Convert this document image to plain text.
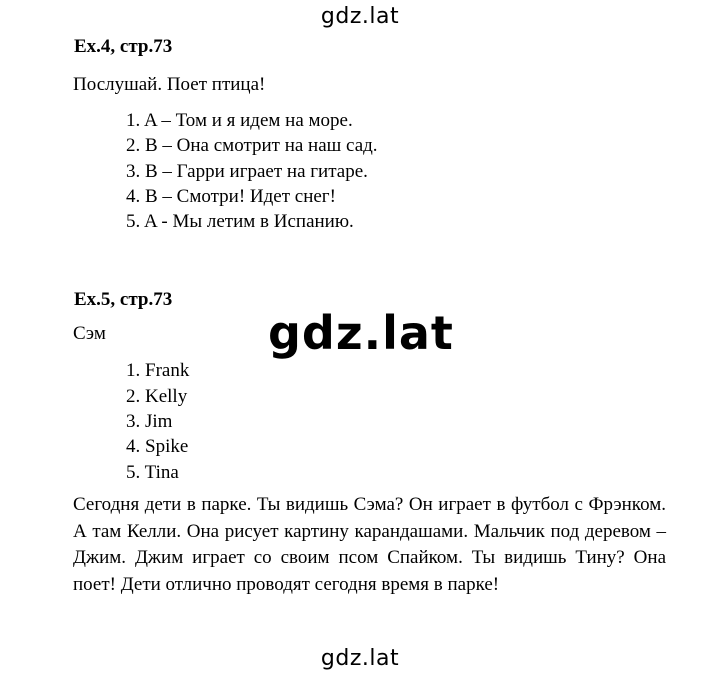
gdz.lat
Ex.4, стр.73
Послушай. Поет птица!
1. A – Том и я идем на море.
2. B – Она смотрит на наш сад.
3. B – Гарри играет на гитаре.
4. B – Смотри! Идет снег!
5. A - Мы летим в Испанию.
Ex.5, стр.73
Сэм	gdz.lat
1. Frank
2. Kelly
3. Jim
4. Spike
5. Tina
Сегодня дети в парке. Ты видишь Сэма? Он играет в футбол с Фрэнком. А там Келли. Она рисует картину карандашами. Мальчик под деревом – Джим. Джим играет со своим псом Спайком. Ты видишь Тину? Она поет! Дети отлично проводят сегодня время в парке!
gdz.lat
